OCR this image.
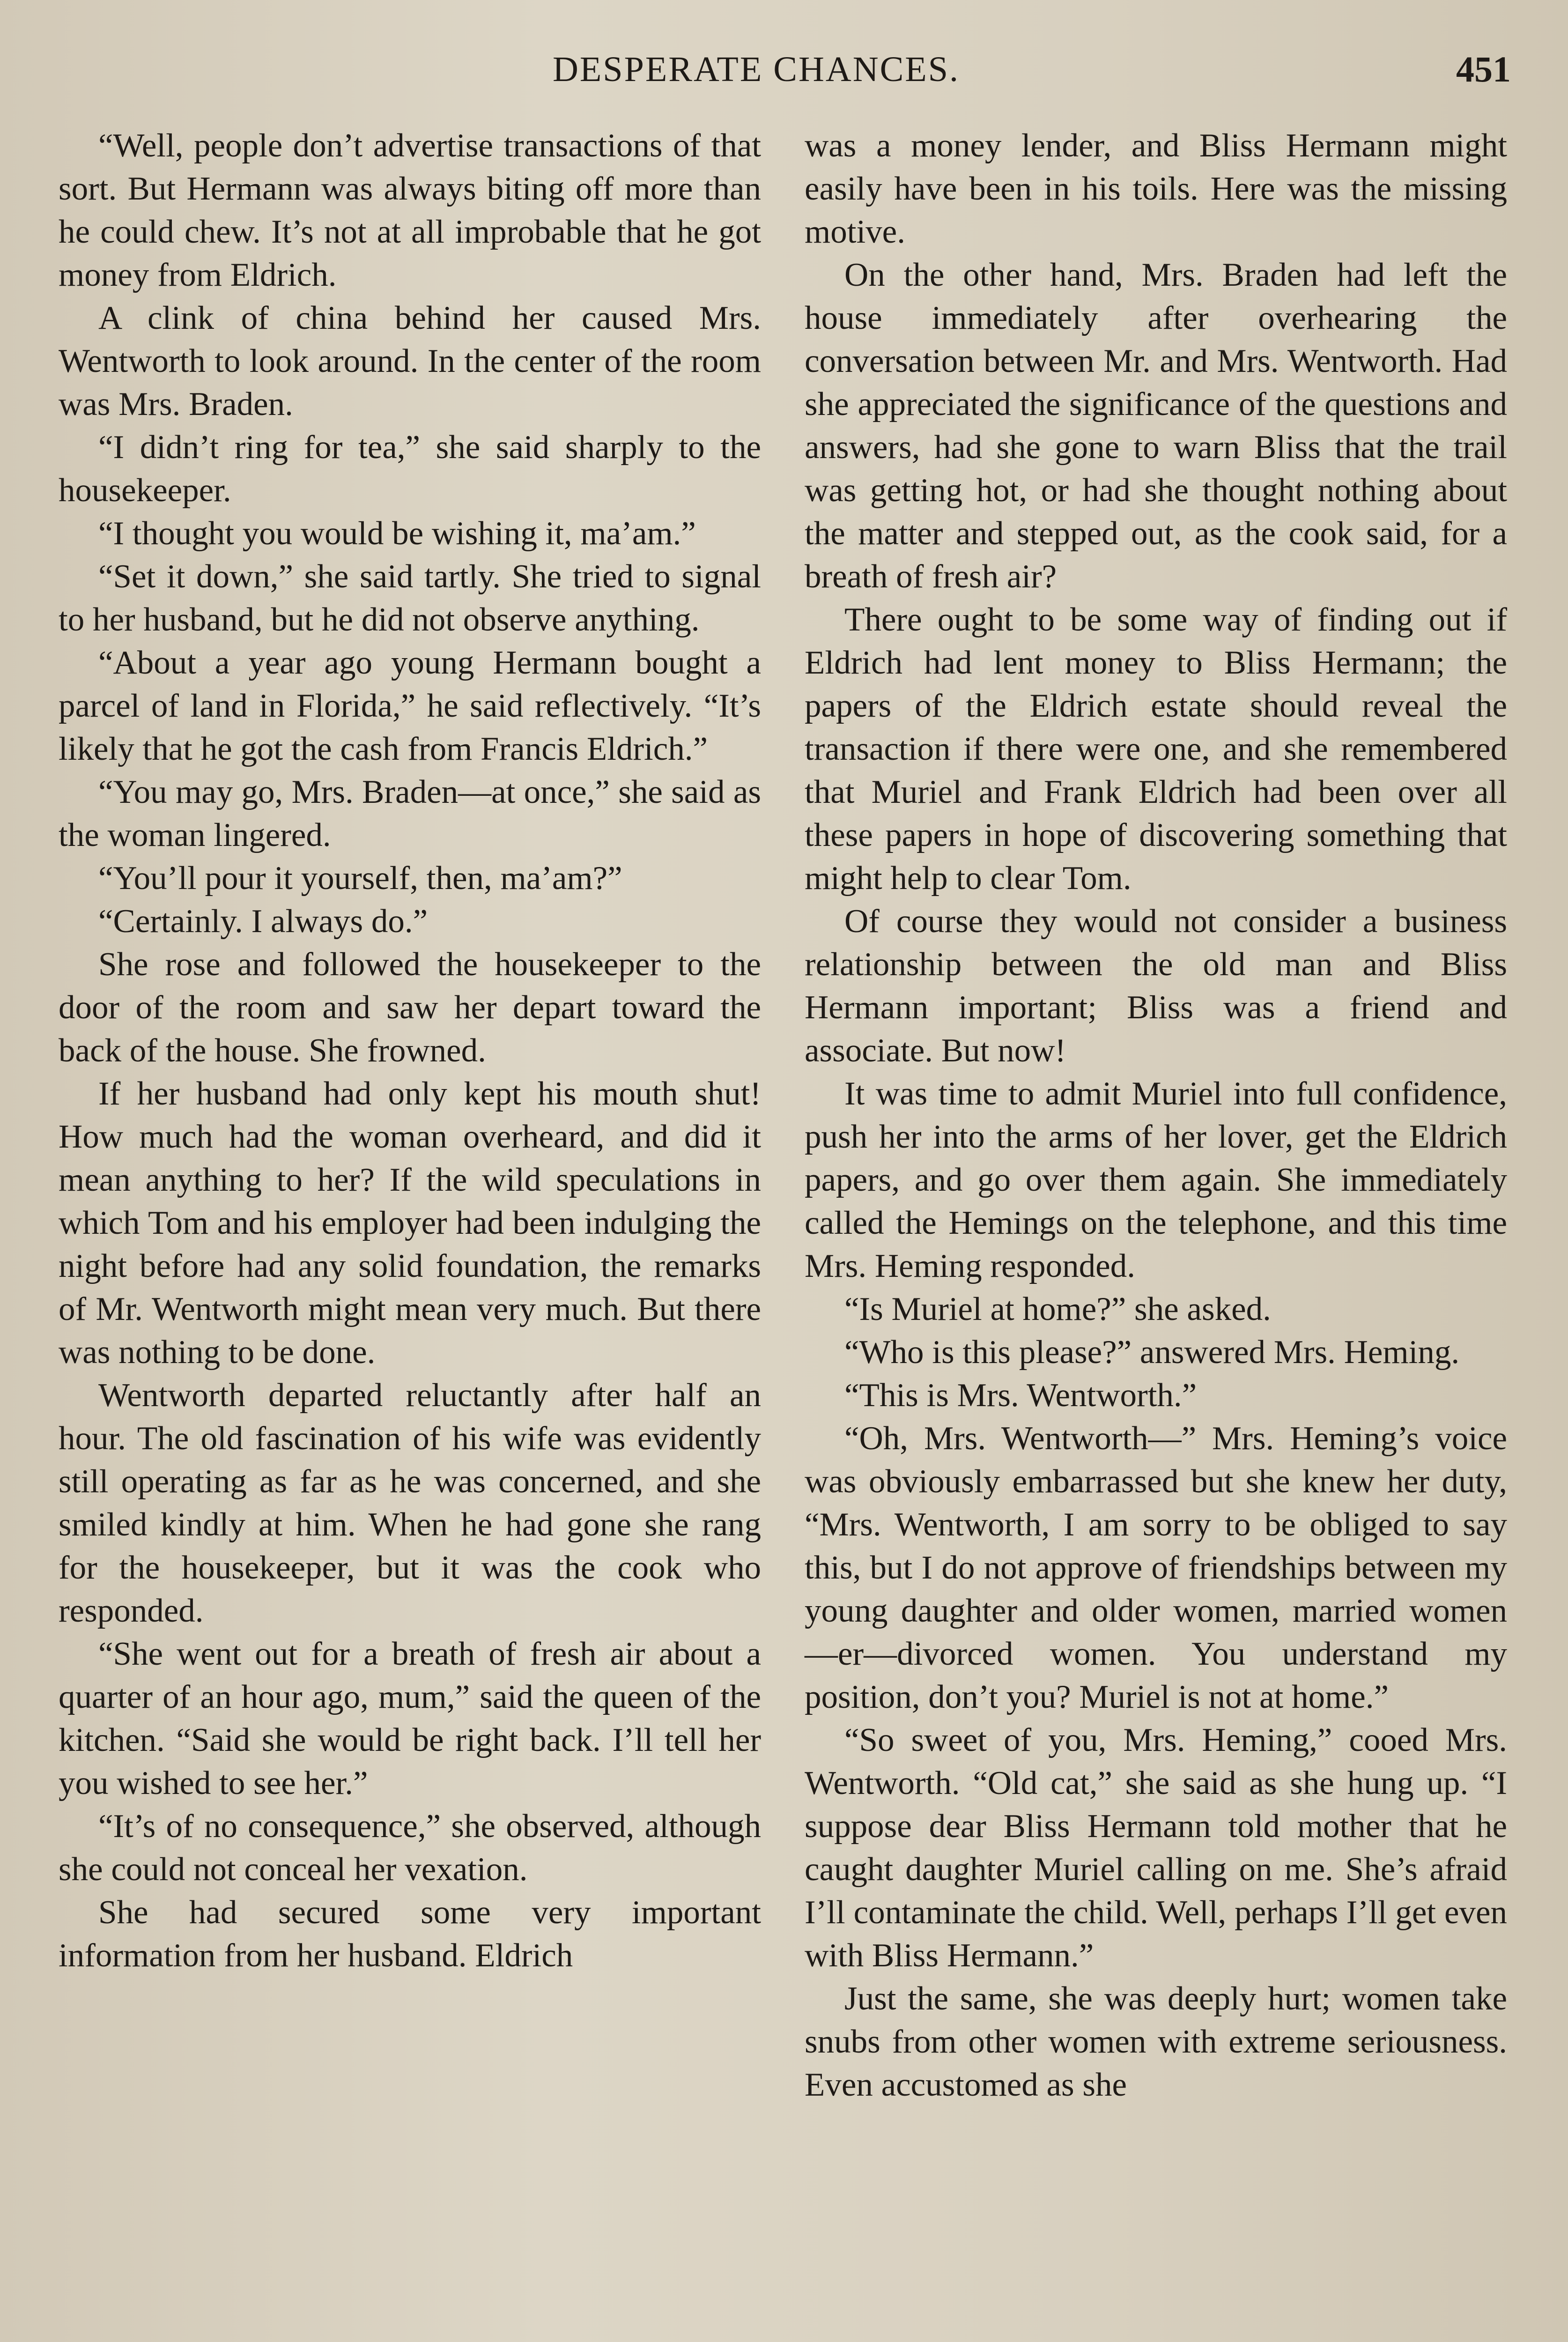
DESPERATE CHANCES.	451

“Well, people don’t advertise transactions of that sort. But Hermann was always biting off more than he could chew. It’s not at all improbable that he got money from Eldrich.

A clink of china behind her caused Mrs. Wentworth to look around. In the center of the room was Mrs. Braden.

“I didn’t ring for tea,” she said sharply to the housekeeper.

“I thought you would be wishing it, ma’am.”

“Set it down,” she said tartly. She tried to signal to her husband, but he did not observe anything.

“About a year ago young Hermann bought a parcel of land in Florida,” he said reflectively. “It’s likely that he got the cash from Francis Eldrich.”

“You may go, Mrs. Braden—at once,” she said as the woman lingered.

“You’ll pour it yourself, then, ma’am?”

“Certainly. I always do.”

She rose and followed the housekeeper to the door of the room and saw her depart toward the back of the house. She frowned.

If her husband had only kept his mouth shut! How much had the woman overheard, and did it mean anything to her? If the wild speculations in which Tom and his employer had been indulging the night before had any solid foundation, the remarks of Mr. Wentworth might mean very much. But there was nothing to be done.

Wentworth departed reluctantly after half an hour. The old fascination of his wife was evidently still operating as far as he was concerned, and she smiled kindly at him. When he had gone she rang for the housekeeper, but it was the cook who responded.

“She went out for a breath of fresh air about a quarter of an hour ago, mum,” said the queen of the kitchen. “Said she would be right back. I’ll tell her you wished to see her.”

“It’s of no consequence,” she observed, although she could not conceal her vexation.

She had secured some very important information from her husband. Eldrich

was a money lender, and Bliss Hermann might easily have been in his toils. Here was the missing motive.

On the other hand, Mrs. Braden had left the house immediately after overhearing the conversation between Mr. and Mrs. Wentworth. Had she appreciated the significance of the questions and answers, had she gone to warn Bliss that the trail was getting hot, or had she thought nothing about the matter and stepped out, as the cook said, for a breath of fresh air?

There ought to be some way of finding out if Eldrich had lent money to Bliss Hermann; the papers of the Eldrich estate should reveal the transaction if there were one, and she remembered that Muriel and Frank Eldrich had been over all these papers in hope of discovering something that might help to clear Tom.

Of course they would not consider a business relationship between the old man and Bliss Hermann important; Bliss was a friend and associate. But now!

It was time to admit Muriel into full confidence, push her into the arms of her lover, get the Eldrich papers, and go over them again. She immediately called the Hemings on the telephone, and this time Mrs. Heming responded.

“Is Muriel at home?” she asked.

“Who is this please?” answered Mrs. Heming.

“This is Mrs. Wentworth.”

“Oh, Mrs. Wentworth—” Mrs. Heming’s voice was obviously embarrassed but she knew her duty, “Mrs. Wentworth, I am sorry to be obliged to say this, but I do not approve of friendships between my young daughter and older women, married women—er—divorced women. You understand my position, don’t you? Muriel is not at home.”

“So sweet of you, Mrs. Heming,” cooed Mrs. Wentworth. “Old cat,” she said as she hung up. “I suppose dear Bliss Hermann told mother that he caught daughter Muriel calling on me. She’s afraid I’ll contaminate the child. Well, perhaps I’ll get even with Bliss Hermann.”

Just the same, she was deeply hurt; women take snubs from other women with extreme seriousness. Even accustomed as she
